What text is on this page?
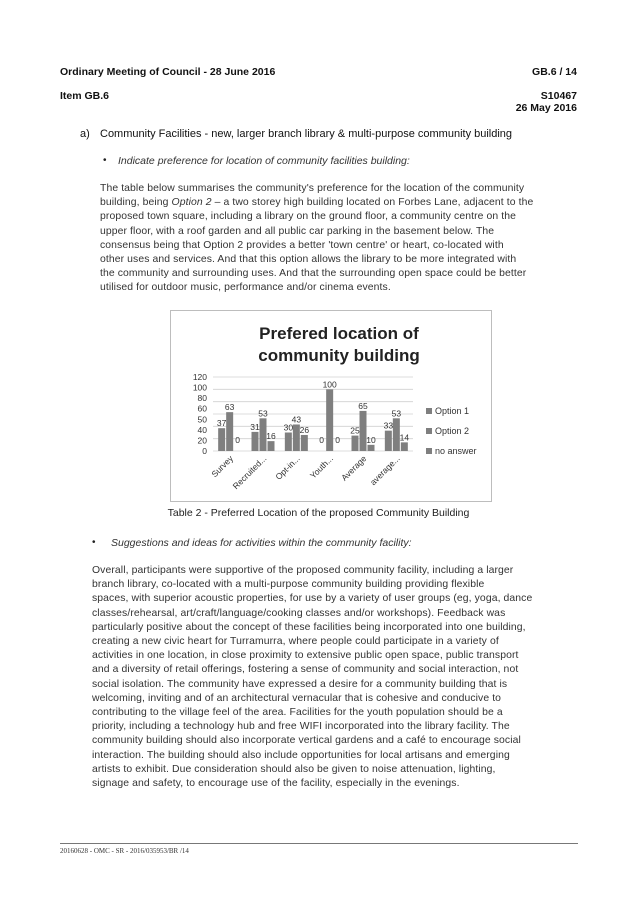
Ordinary Meeting of Council - 28 June 2016	GB.6 / 14
Item GB.6	S10467
26 May 2016
a) Community Facilities - new, larger branch library & multi-purpose community building
• Indicate preference for location of community facilities building:
The table below summarises the community's preference for the location of the community
building, being Option 2 – a two storey high building located on Forbes Lane, adjacent to the
proposed town square, including a library on the ground floor, a community centre on the
upper floor, with a roof garden and all public car parking in the basement below. The
consensus being that Option 2 provides a better 'town centre' or heart, co-located with
other uses and services. And that this option allows the library to be more integrated with
the community and surrounding uses. And that the surrounding open space could be better
utilised for outdoor music, performance and/or cinema events.
Prefered location of
community building
0
20
40
50
60
80
100
120
37
63
0
31
53
16
30
43
26
0
100
0
25
65
10
33
53
14
Survey
Recruited... Opt-in... Youth... Average average...
Option 1
Option 2
no answer
Table 2 - Preferred Location of the proposed Community Building
• Suggestions and ideas for activities within the community facility:
Overall, participants were supportive of the proposed community facility, including a larger
branch library, co-located with a multi-purpose community building providing flexible
spaces, with superior acoustic properties, for use by a variety of user groups (eg, yoga, dance
classes/rehearsal, art/craft/language/cooking classes and/or workshops). Feedback was
particularly positive about the concept of these facilities being incorporated into one building,
creating a new civic heart for Turramurra, where people could participate in a variety of
activities in one location, in close proximity to extensive public open space, public transport
and a diversity of retail offerings, fostering a sense of community and social interaction, not
social isolation. The community have expressed a desire for a community building that is
welcoming, inviting and of an architectural vernacular that is cohesive and conducive to
contributing to the village feel of the area. Facilities for the youth population should be a
priority, including a technology hub and free WIFI incorporated into the library facility. The
community building should also incorporate vertical gardens and a café to encourage social
interaction. The building should also include opportunities for local artisans and emerging
artists to exhibit. Due consideration should also be given to noise attenuation, lighting,
signage and safety, to encourage use of the facility, especially in the evenings.
20160628 - OMC - SR - 2016/035953/BR /14
